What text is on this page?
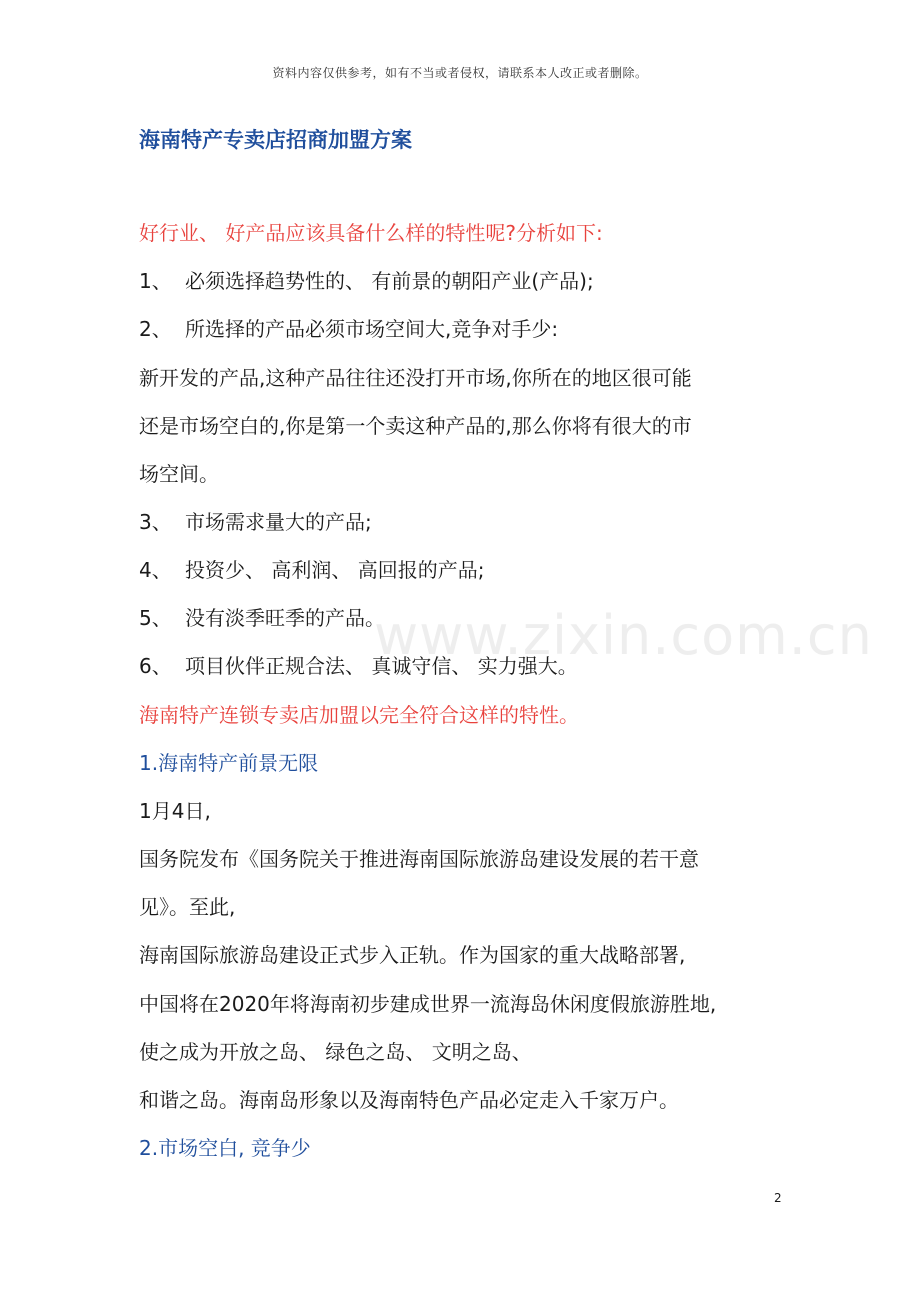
资料内容仅供参考，如有不当或者侵权，请联系本人改正或者删除。
海南特产专卖店招商加盟方案
好行业、 好产品应该具备什么样的特性呢?分析如下:
1、 必须选择趋势性的、 有前景的朝阳产业(产品);
2、 所选择的产品必须市场空间大,竞争对手少:
新开发的产品,这种产品往往还没打开市场,你所在的地区很可能
还是市场空白的,你是第一个卖这种产品的,那么你将有很大的市
场空间。
3、 市场需求量大的产品;
4、 投资少、 高利润、 高回报的产品;
5、 没有淡季旺季的产品。
6、 项目伙伴正规合法、 真诚守信、 实力强大。
海南特产连锁专卖店加盟以完全符合这样的特性。
1.海南特产前景无限
1月4日,
国务院发布《国务院关于推进海南国际旅游岛建设发展的若干意
见》。至此,
海南国际旅游岛建设正式步入正轨。作为国家的重大战略部署,
中国将在2020年将海南初步建成世界一流海岛休闲度假旅游胜地,
使之成为开放之岛、 绿色之岛、 文明之岛、
和谐之岛。海南岛形象以及海南特色产品必定走入千家万户。
2.市场空白, 竞争少
www.zixin.com.cn
2
